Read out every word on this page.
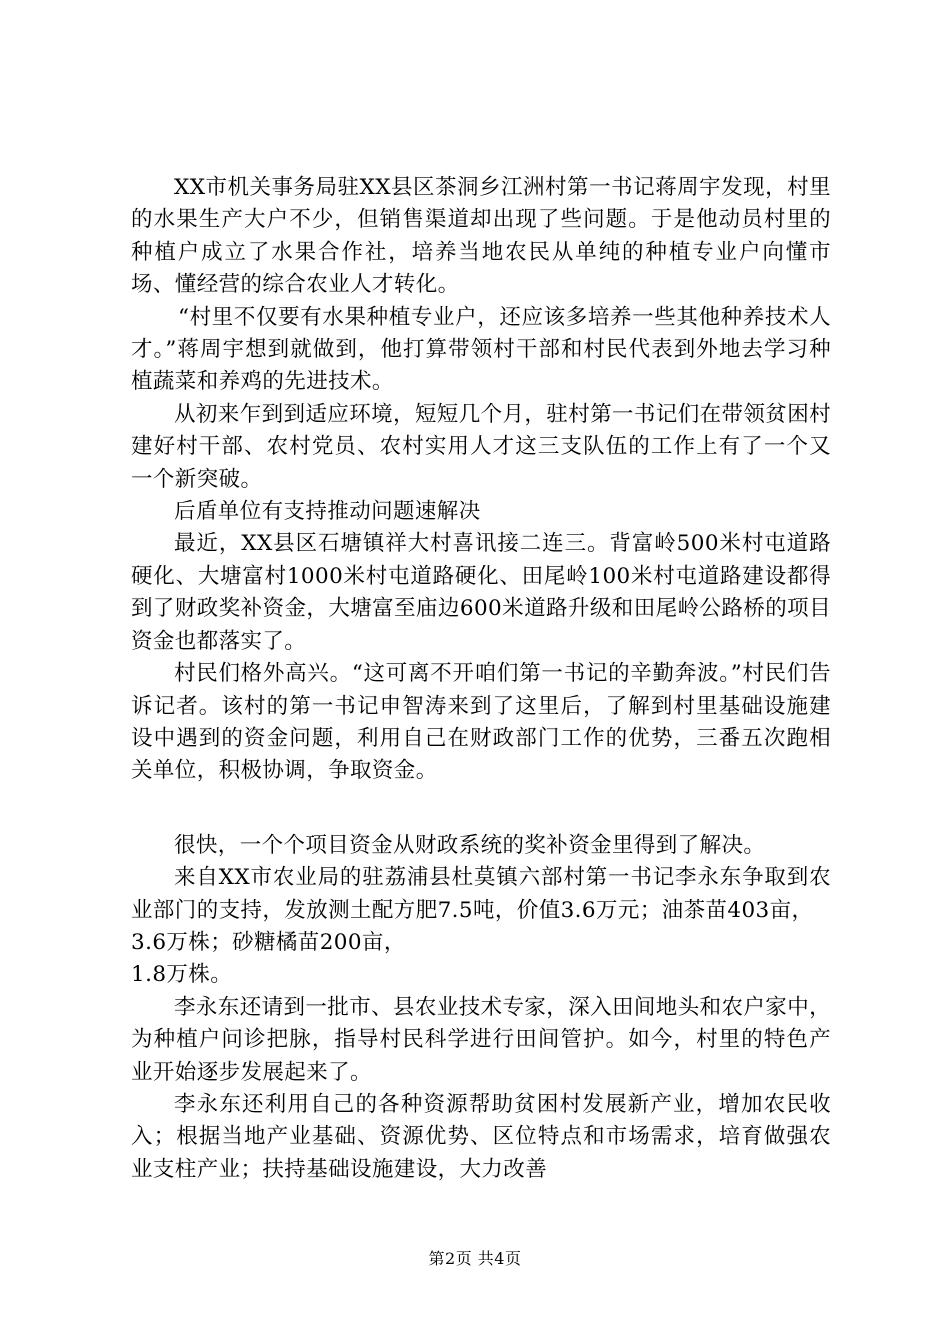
XX市机关事务局驻XX县区茶洞乡江洲村第一书记蒋周宇发现，村里的水果生产大户不少，但销售渠道却出现了些问题。于是他动员村里的种植户成立了水果合作社，培养当地农民从单纯的种植专业户向懂市场、懂经营的综合农业人才转化。

“村里不仅要有水果种植专业户，还应该多培养一些其他种养技术人才。”蒋周宇想到就做到，他打算带领村干部和村民代表到外地去学习种植蔬菜和养鸡的先进技术。

从初来乍到到适应环境，短短几个月，驻村第一书记们在带领贫困村建好村干部、农村党员、农村实用人才这三支队伍的工作上有了一个又一个新突破。

后盾单位有支持推动问题速解决

最近，XX县区石塘镇祥大村喜讯接二连三。背富岭500米村屯道路硬化、大塘富村1000米村屯道路硬化、田尾岭100米村屯道路建设都得到了财政奖补资金，大塘富至庙边600米道路升级和田尾岭公路桥的项目资金也都落实了。

村民们格外高兴。“这可离不开咱们第一书记的辛勤奔波。”村民们告诉记者。该村的第一书记申智涛来到了这里后，了解到村里基础设施建设中遇到的资金问题，利用自己在财政部门工作的优势，三番五次跑相关单位，积极协调，争取资金。

很快，一个个项目资金从财政系统的奖补资金里得到了解决。

来自XX市农业局的驻荔浦县杜莫镇六部村第一书记李永东争取到农业部门的支持，发放测土配方肥7.5吨，价值3.6万元；油茶苗403亩，

3.6万株；砂糖橘苗200亩，

1.8万株。

李永东还请到一批市、县农业技术专家，深入田间地头和农户家中，为种植户问诊把脉，指导村民科学进行田间管护。如今，村里的特色产业开始逐步发展起来了。

李永东还利用自己的各种资源帮助贫困村发展新产业，增加农民收入；根据当地产业基础、资源优势、区位特点和市场需求，培育做强农业支柱产业；扶持基础设施建设，大力改善

第2页 共4页
